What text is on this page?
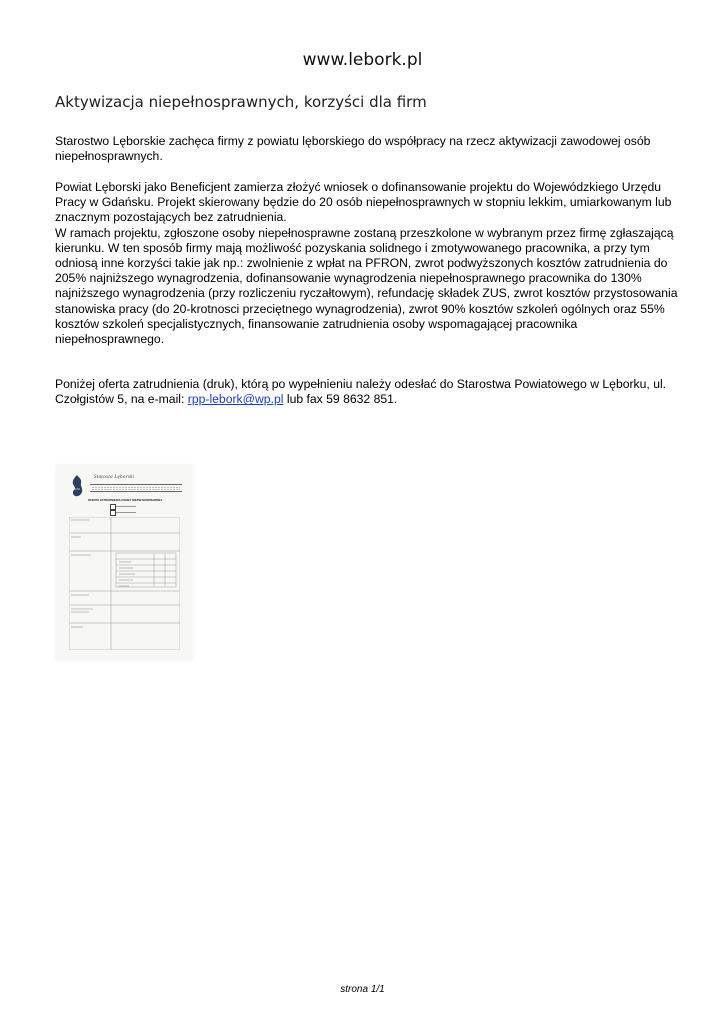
www.lebork.pl
Aktywizacja niepełnosprawnych, korzyści dla firm

Starostwo Lęborskie zachęca firmy z powiatu lęborskiego do współpracy na rzecz aktywizacji zawodowej osób niepełnosprawnych.

Powiat Lęborski jako Beneficjent zamierza złożyć wniosek o dofinansowanie projektu do Wojewódzkiego Urzędu Pracy w Gdańsku. Projekt skierowany będzie do 20 osób niepełnosprawnych w stopniu lekkim, umiarkowanym lub znacznym pozostających bez zatrudnienia.
W ramach projektu, zgłoszone osoby niepełnosprawne zostaną przeszkolone w wybranym przez firmę zgłaszającą kierunku. W ten sposób firmy mają możliwość pozyskania solidnego i zmotywowanego pracownika, a przy tym odniosą inne korzyści takie jak np.: zwolnienie z wpłat na PFRON, zwrot podwyższonych kosztów zatrudnienia do 205% najniższego wynagrodzenia, dofinansowanie wynagrodzenia niepełnosprawnego pracownika do 130% najniższego wynagrodzenia (przy rozliczeniu ryczałtowym), refundację składek ZUS, zwrot kosztów przystosowania stanowiska pracy (do 20-krotnosci przeciętnego wynagrodzenia), zwrot 90% kosztów szkoleń ogólnych oraz 55% kosztów szkoleń specjalistycznych, finansowanie zatrudnienia osoby wspomagającej pracownika niepełnosprawnego.

Poniżej oferta zatrudnienia (druk), którą po wypełnieniu należy odesłać do Starostwa Powiatowego w Lęborku, ul. Czołgistów 5, na e-mail: rpp-lebork@wp.pl lub fax 59 8632 851.

Starosta Lęborski
OFERTA ZATRUDNIENIA OSOBY NIEPEŁNOSPRAWNEJ
strona 1/1
